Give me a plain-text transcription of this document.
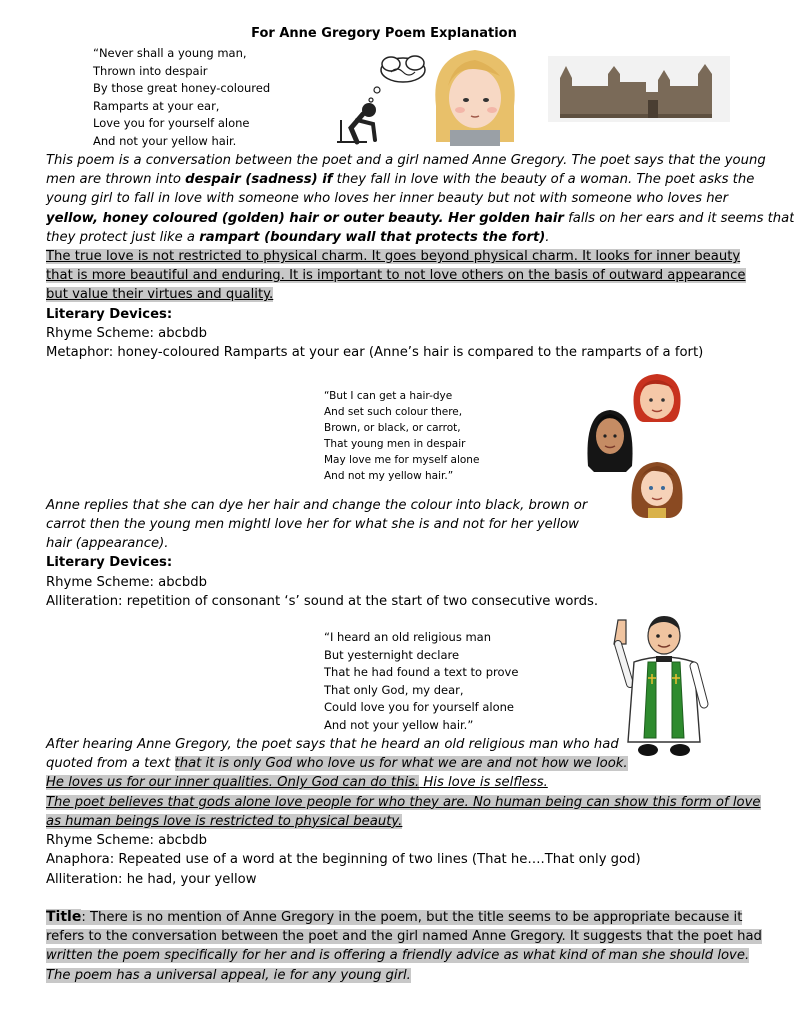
For Anne Gregory Poem Explanation
“Never shall a young man,
Thrown into despair
By those great honey-coloured
Ramparts at your ear,
Love you for yourself alone
And not your yellow hair.
This poem is a conversation between the poet and a girl named Anne Gregory. The poet says that the young
men are thrown into despair (sadness) if they fall in love with the beauty of a woman. The poet asks the
young girl to fall in love with someone who loves her inner beauty but not with someone who loves her
yellow, honey coloured (golden) hair or outer beauty. Her golden hair falls on her ears and it seems that
they protect just like a rampart (boundary wall that protects the fort).
The true love is not restricted to physical charm. It goes beyond physical charm. It looks for inner beauty
that is more beautiful and enduring. It is important to not love others on the basis of outward appearance
but value their virtues and quality.
Literary Devices:
Rhyme Scheme: abcbdb
Metaphor: honey-coloured Ramparts at your ear (Anne’s hair is compared to the ramparts of a fort)
“But I can get a hair-dye
And set such colour there,
Brown, or black, or carrot,
That young men in despair
May love me for myself alone
And not my yellow hair.”
Anne replies that she can dye her hair and change the colour into black, brown or
carrot then the young men mightl love her for what she is and not for her yellow
hair (appearance).
Literary Devices:
Rhyme Scheme: abcbdb
Alliteration: repetition of consonant ‘s’ sound at the start of two consecutive words.
“I heard an old religious man
But yesternight declare
That he had found a text to prove
That only God, my dear,
Could love you for yourself alone
And not your yellow hair.”
After hearing Anne Gregory, the poet says that he heard an old religious man who had
quoted from a text that it is only God who love us for what we are and not how we look.
He loves us for our inner qualities. Only God can do this. His love is selfless.
The poet believes that gods alone love people for who they are. No human being can show this form of love
as human beings love is restricted to physical beauty.
Rhyme Scheme: abcbdb
Anaphora: Repeated use of a word at the beginning of two lines (That he….That only god)
Alliteration: he had, your yellow
Title: There is no mention of Anne Gregory in the poem, but the title seems to be appropriate because it
refers to the conversation between the poet and the girl named Anne Gregory. It suggests that the poet had
written the poem specifically for her and is offering a friendly advice as what kind of man she should love.
The poem has a universal appeal, ie for any young girl.
